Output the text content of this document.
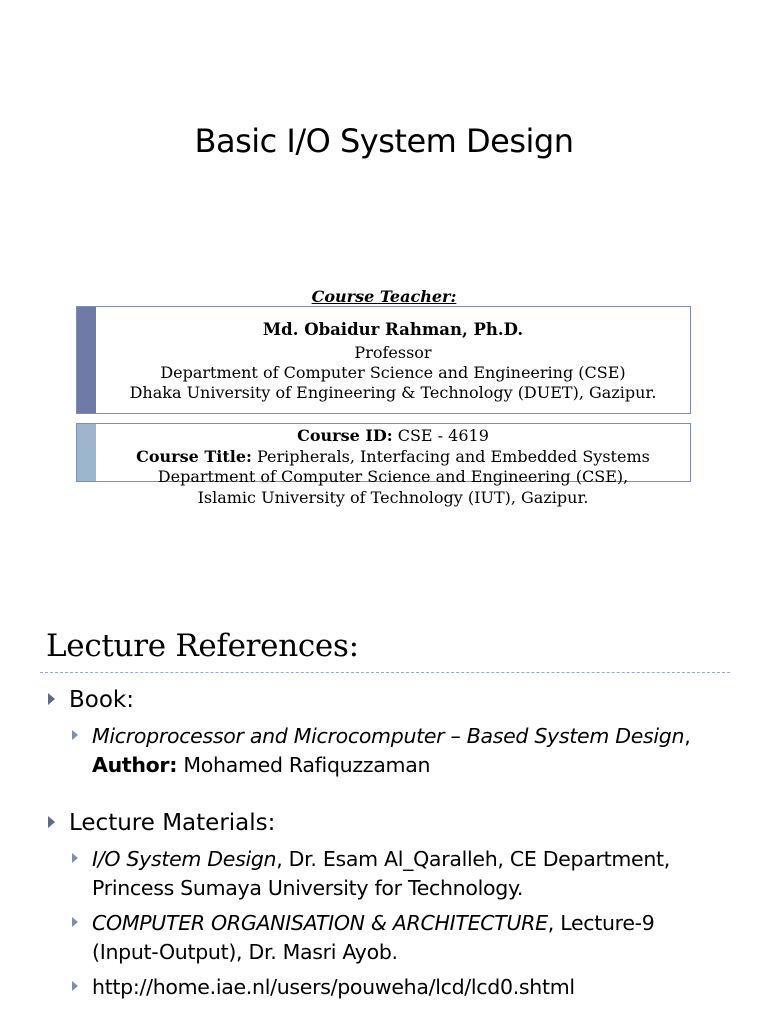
Basic I/O System Design
Course Teacher:
Md. Obaidur Rahman, Ph.D.
Professor
Department of Computer Science and Engineering (CSE)
Dhaka University of Engineering & Technology (DUET), Gazipur.
Course ID: CSE - 4619
Course Title: Peripherals, Interfacing and Embedded Systems
Department of Computer Science and Engineering (CSE),
Islamic University of Technology (IUT), Gazipur.
Lecture References:
Book:
Microprocessor and Microcomputer – Based System Design,
Author: Mohamed Rafiquzzaman
Lecture Materials:
I/O System Design, Dr. Esam Al_Qaralleh, CE Department,
Princess Sumaya University for Technology.
COMPUTER ORGANISATION & ARCHITECTURE, Lecture-9
(Input-Output), Dr. Masri Ayob.
http://home.iae.nl/users/pouweha/lcd/lcd0.shtml
